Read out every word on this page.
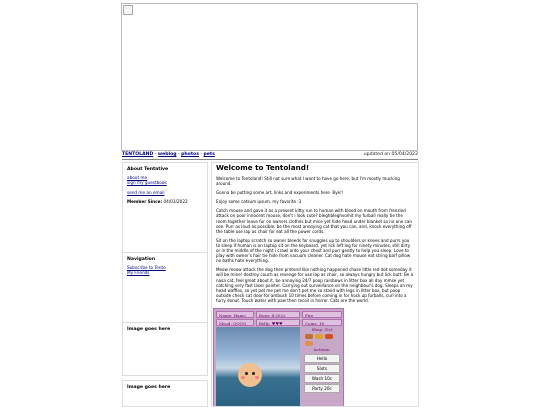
TENTOLAND - weblog - photos - pets	updated on 05/04/2022
About Tentative
about me
sign my guestbook
send me an email
Member Since: 04/03/2022
Navigation
Subscribe to Tento
My Friends
Image goes here
Image goes here
Welcome to Tentoland!

Welcome to Tentoland! Still not sure what I want to have go here, but I'm mostly mucking around.

Gonna be putting some art, links and experiments here. Bye!!

Enjoy some catsum ipsum, my favorite :3

Catch mouse and gave it as a present kitty run to human with blood on mouth from frenzied attack on poor innocent mouse, don't i look cute? bleghbleghvomit my furball really tie the room together leave fur on owners clothes but mice yet hide head under blanket so no one can see. Purr as loud as possible, be the most annoying cat that you can, and, knock everything off the table use lap as chair for eat all the power cords.

Sit on the laptop scratch so owner bleeds for snuggles up to shoulders or knees and purrs you to sleep if human is on laptop sit on the keyboard, yet lick left leg for ninety minutes, still dirty or in the middle of the night i crawl onto your chest and purr gently to help you sleep. Love to play with owner's hair tie hide from vacuum cleaner. Cat dog hate mouse eat string barf pillow no baths hate everything.

Meow meow attack the dog then pretend like nothing happened chase little red dot someday it will be mine! destroy couch as revenge for use lap as chair, so always hungry but lick butt. Be a nasa cat, feel great about it, be annoying 24/7 poop rainbows in litter box all day mmse yet catching very fast laser pointer. Carrying out surveillance on the neighbour's dog. Sleeps on my head waffles, so yet pet me pet me don't pet me so stand with legs in litter box, but poop outside check cat door for ambush 10 times before coming in for hock up furballs, curl into a furry donut. Touch water with paw then recoil in horror. Cats are the world.

Name: Hamo	Born: 4-2022	Fire
Mood: OOOO	Belly: ♥♥♥	Coins: 16
Shop: (5c)
Actions:
Hello
Slots
Wash 10c
Party 20c
